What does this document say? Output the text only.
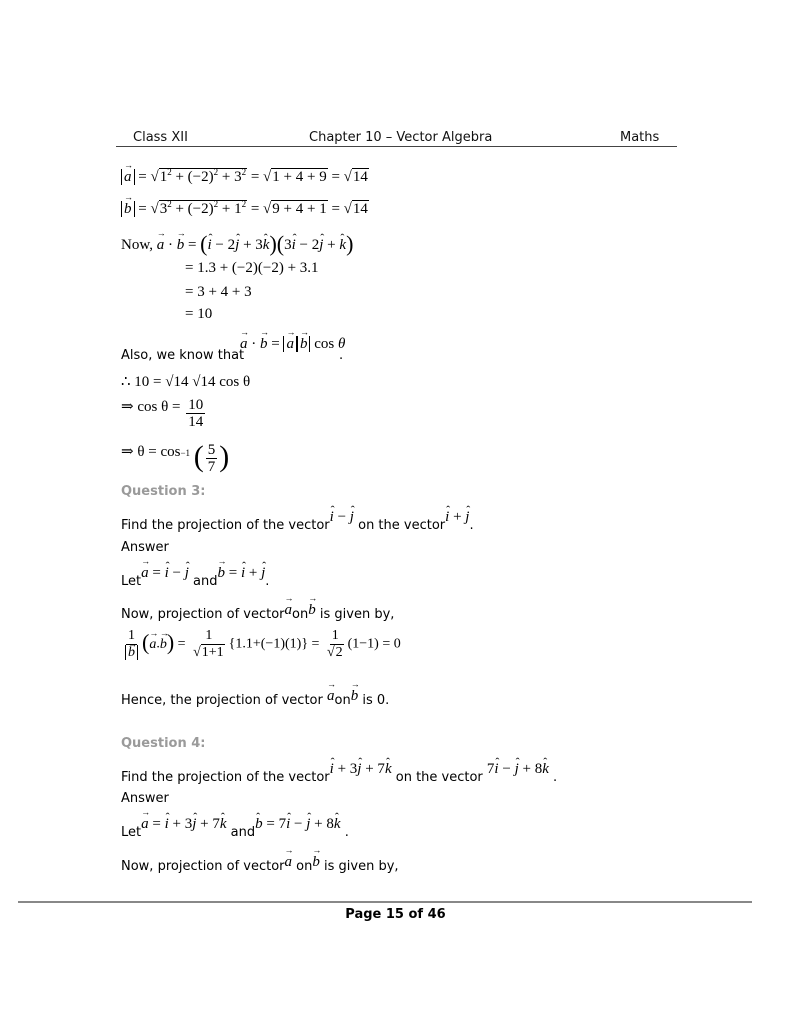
Class XII	Chapter 10 – Vector Algebra	Maths
a → = $√1^2 + (-2)^2 + 3^2 = √1 + 4 + 9 = √14$
b → = $√3^2 + (-2)^2 + 1^2 = √9 + 4 + 1 = √14$
Now, a → · b → = (i ˆ − 2j ˆ + 3k ˆ)(3i ˆ − 2j ˆ + k ˆ)
= 1.3 + (−2)(−2) + 3.1
= 3 + 4 + 3
= 10
Also, we know that
a → · b → = a → b → cos θ
.
∴ 10 = √14 √14 cos θ
⇒ $\cos \theta = \frac{10}{14}$
⇒ $\theta = \cos^{-1}$ ( $\frac{5}{7}$ )
Question 3:
Find the projection of the vectori ˆ − j ˆ on the vectori ˆ + j ˆ.
Answer
Leta → = i ˆ − j ˆ andb → = i ˆ + j ˆ.
Now, projection of vectora →onb → is given by,
$\frac{1}{b} \to (a \to.b$ →) = $\frac{1}{√1+1} \{1.1+(-1)(1)\} = \frac{1}{√2} (1-1) = 0$
Hence, the projection of vector a →onb → is 0.
Question 4:
Find the projection of the vectori ˆ + 3j ˆ + 7k ˆ on the vector 7i ˆ − j ˆ + 8k ˆ .
Answer
Leta → = i ˆ + 3j ˆ + 7k ˆ andb ˆ = 7i ˆ − j ˆ + 8k ˆ .
Now, projection of vectora → onb → is given by,
Page 15 of 46
